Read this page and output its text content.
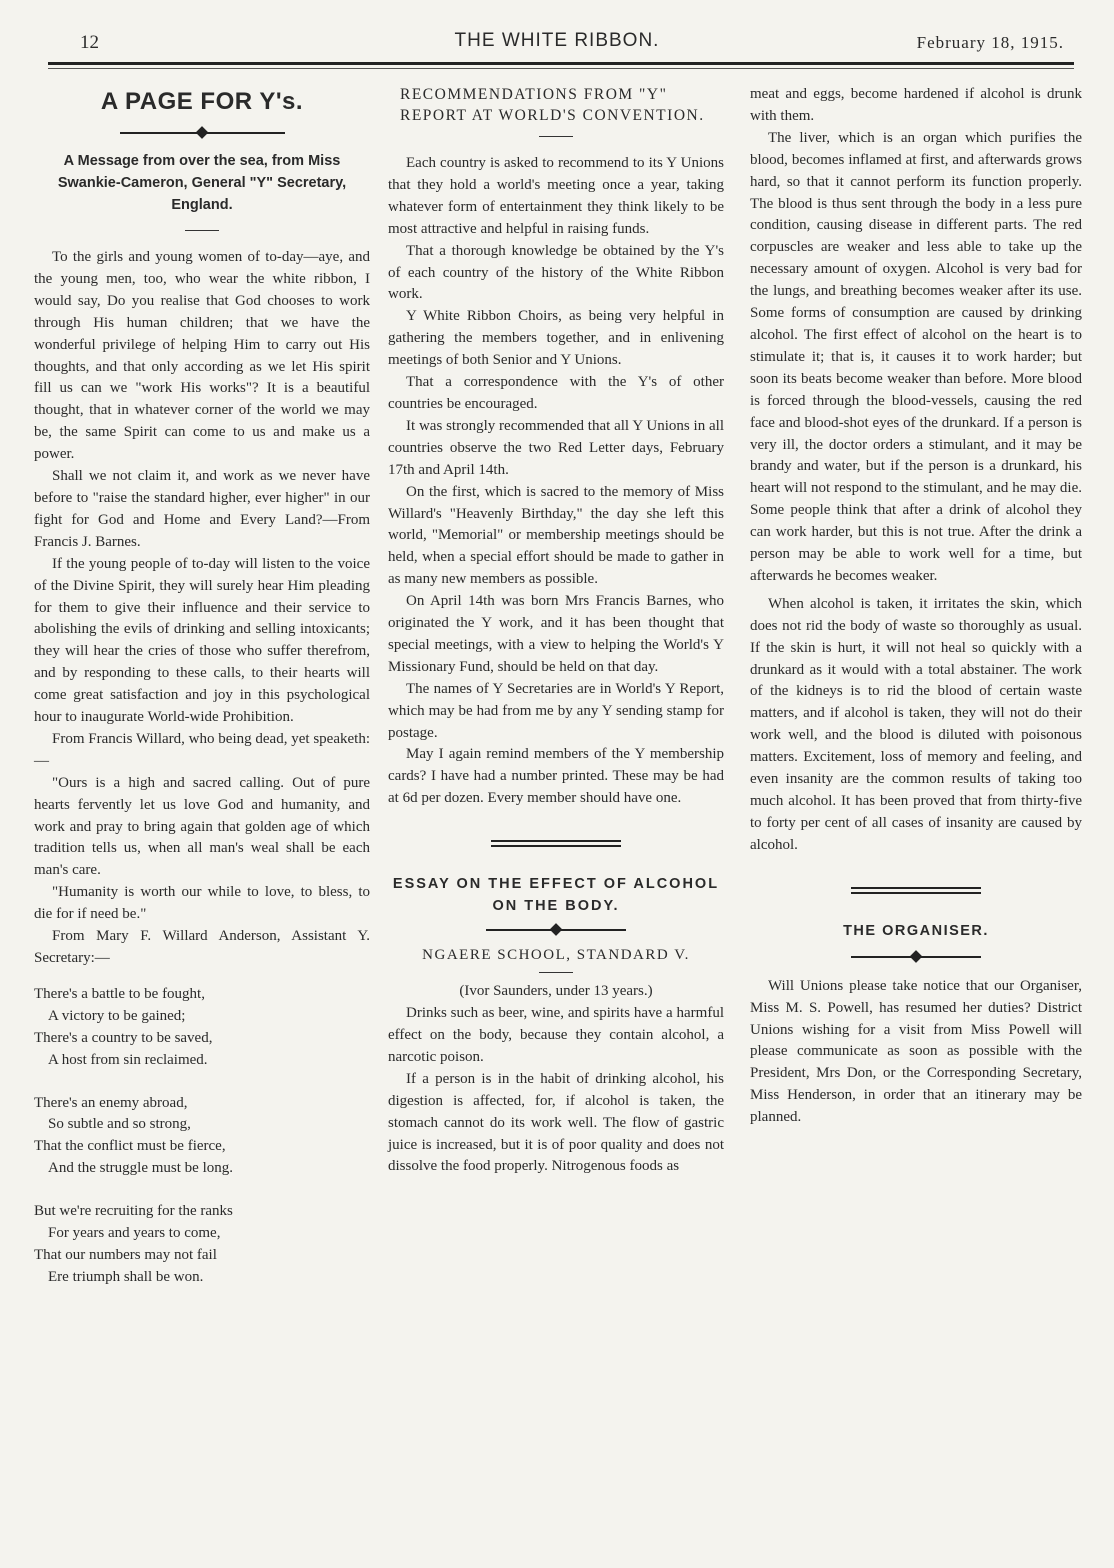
12	THE WHITE RIBBON.	February 18, 1915.
A PAGE FOR Y's.
A Message from over the sea, from Miss Swankie-Cameron, General "Y" Secretary, England.

To the girls and young women of to-day—aye, and the young men, too, who wear the white ribbon, I would say, Do you realise that God chooses to work through His human children; that we have the wonderful privilege of helping Him to carry out His thoughts, and that only according as we let His spirit fill us can we "work His works"? It is a beautiful thought, that in whatever corner of the world we may be, the same Spirit can come to us and make us a power.

Shall we not claim it, and work as we never have before to "raise the standard higher, ever higher" in our fight for God and Home and Every Land?—From Francis J. Barnes.

If the young people of to-day will listen to the voice of the Divine Spirit, they will surely hear Him pleading for them to give their influence and their service to abolishing the evils of drinking and selling intoxicants; they will hear the cries of those who suffer therefrom, and by responding to these calls, to their hearts will come great satisfaction and joy in this psychological hour to inaugurate World-wide Prohibition.

From Francis Willard, who being dead, yet speaketh:—

"Ours is a high and sacred calling. Out of pure hearts fervently let us love God and humanity, and work and pray to bring again that golden age of which tradition tells us, when all man's weal shall be each man's care.

"Humanity is worth our while to love, to bless, to die for if need be."

From Mary F. Willard Anderson, Assistant Y. Secretary:—

There's a battle to be fought,

A victory to be gained;

There's a country to be saved,

A host from sin reclaimed.

There's an enemy abroad,

So subtle and so strong,

That the conflict must be fierce,

And the struggle must be long.

But we're recruiting for the ranks

For years and years to come,

That our numbers may not fail

Ere triumph shall be won.

RECOMMENDATIONS FROM "Y" REPORT AT WORLD'S CONVENTION.

Each country is asked to recommend to its Y Unions that they hold a world's meeting once a year, taking whatever form of entertainment they think likely to be most attractive and helpful in raising funds.

That a thorough knowledge be obtained by the Y's of each country of the history of the White Ribbon work.

Y White Ribbon Choirs, as being very helpful in gathering the members together, and in enlivening meetings of both Senior and Y Unions.

That a correspondence with the Y's of other countries be encouraged.

It was strongly recommended that all Y Unions in all countries observe the two Red Letter days, February 17th and April 14th.

On the first, which is sacred to the memory of Miss Willard's "Heavenly Birthday," the day she left this world, "Memorial" or membership meetings should be held, when a special effort should be made to gather in as many new members as possible.

On April 14th was born Mrs Francis Barnes, who originated the Y work, and it has been thought that special meetings, with a view to helping the World's Y Missionary Fund, should be held on that day.

The names of Y Secretaries are in World's Y Report, which may be had from me by any Y sending stamp for postage.

May I again remind members of the Y membership cards? I have had a number printed. These may be had at 6d per dozen. Every member should have one.

ESSAY ON THE EFFECT OF ALCOHOL ON THE BODY.

NGAERE SCHOOL, STANDARD V.

(Ivor Saunders, under 13 years.)

Drinks such as beer, wine, and spirits have a harmful effect on the body, because they contain alcohol, a narcotic poison.

If a person is in the habit of drinking alcohol, his digestion is affected, for, if alcohol is taken, the stomach cannot do its work well. The flow of gastric juice is increased, but it is of poor quality and does not dissolve the food properly. Nitrogenous foods as

meat and eggs, become hardened if alcohol is drunk with them.

The liver, which is an organ which purifies the blood, becomes inflamed at first, and afterwards grows hard, so that it cannot perform its function properly. The blood is thus sent through the body in a less pure condition, causing disease in different parts. The red corpuscles are weaker and less able to take up the necessary amount of oxygen. Alcohol is very bad for the lungs, and breathing becomes weaker after its use. Some forms of consumption are caused by drinking alcohol. The first effect of alcohol on the heart is to stimulate it; that is, it causes it to work harder; but soon its beats become weaker than before. More blood is forced through the blood-vessels, causing the red face and blood-shot eyes of the drunkard. If a person is very ill, the doctor orders a stimulant, and it may be brandy and water, but if the person is a drunkard, his heart will not respond to the stimulant, and he may die. Some people think that after a drink of alcohol they can work harder, but this is not true. After the drink a person may be able to work well for a time, but afterwards he becomes weaker.

When alcohol is taken, it irritates the skin, which does not rid the body of waste so thoroughly as usual. If the skin is hurt, it will not heal so quickly with a drunkard as it would with a total abstainer. The work of the kidneys is to rid the blood of certain waste matters, and if alcohol is taken, they will not do their work well, and the blood is diluted with poisonous matters. Excitement, loss of memory and feeling, and even insanity are the common results of taking too much alcohol. It has been proved that from thirty-five to forty per cent of all cases of insanity are caused by alcohol.

THE ORGANISER.

Will Unions please take notice that our Organiser, Miss M. S. Powell, has resumed her duties? District Unions wishing for a visit from Miss Powell will please communicate as soon as possible with the President, Mrs Don, or the Corresponding Secretary, Miss Henderson, in order that an itinerary may be planned.
